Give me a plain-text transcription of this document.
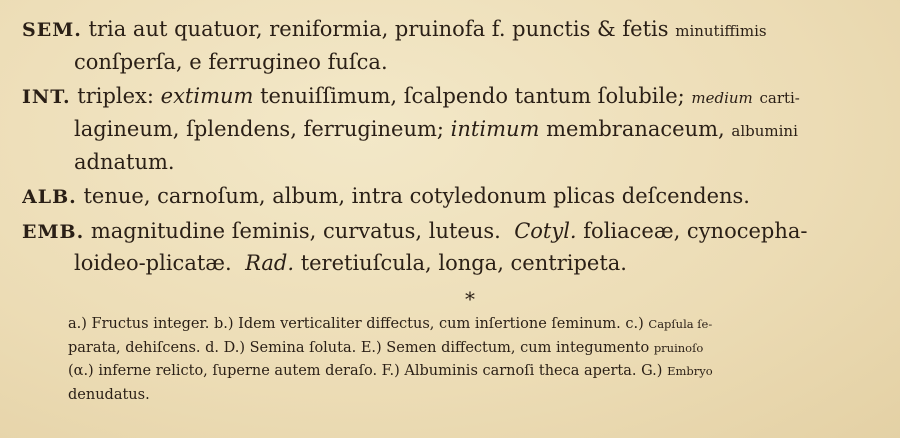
SEM. tria aut quatuor, reniformia, pruinofa f. punctis & fetis minutiffimis
conſperſa, e ferrugineo fuſca.
INT. triplex: extimum tenuiſſimum, ſcalpendo tantum ſolubile; medium carti-
lagineum, ſplendens, ferrugineum; intimum membranaceum, albumini
adnatum.
ALB. tenue, carnoſum, album, intra cotyledonum plicas deſcendens.
EMB. magnitudine ſeminis, curvatus, luteus. Cotyl. foliaceæ, cynocepha-
loideo-plicatæ. Rad. teretiuſcula, longa, centripeta.
*
a.) Fructus integer. b.) Idem verticaliter diffectus, cum inſertione ſeminum. c.) Capſula ſe-
parata, dehiſcens. d. D.) Semina ſoluta. E.) Semen diffectum, cum integumento pruinoſo
(α.) inferne relicto, ſuperne autem deraſo. F.) Albuminis carnoſi theca aperta. G.) Embryo
denudatus.
